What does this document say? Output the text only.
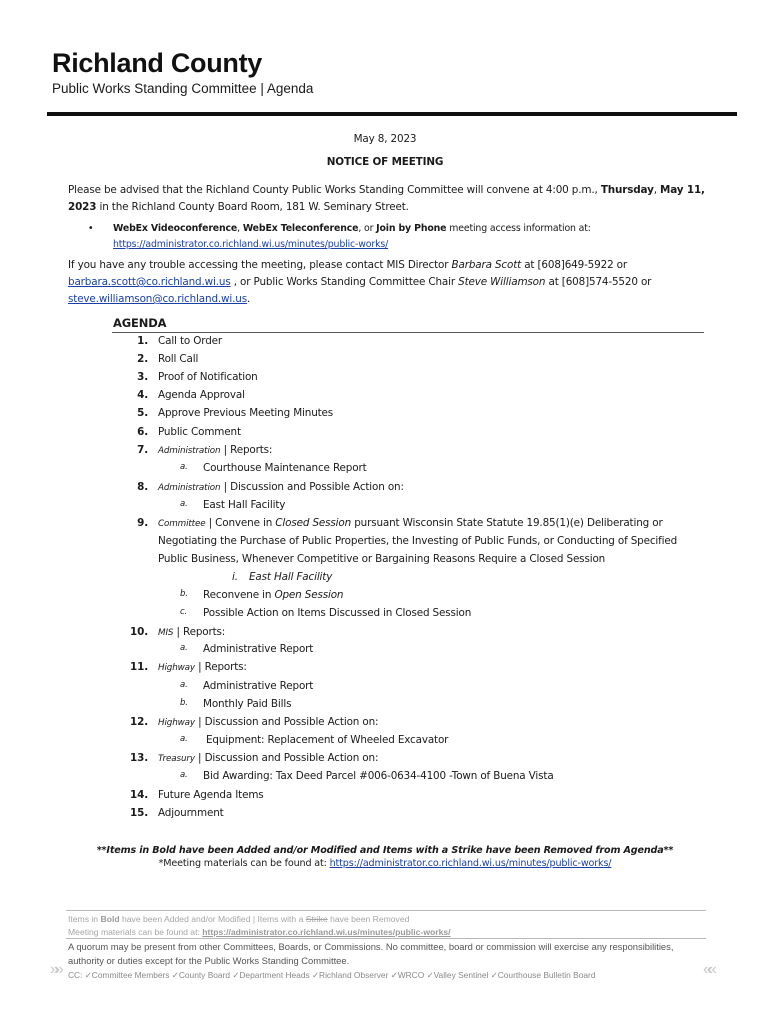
Richland County
Public Works Standing Committee | Agenda
May 8, 2023
NOTICE OF MEETING
Please be advised that the Richland County Public Works Standing Committee will convene at 4:00 p.m., Thursday, May 11, 2023 in the Richland County Board Room, 181 W. Seminary Street.
• WebEx Videoconference, WebEx Teleconference, or Join by Phone meeting access information at:
https://administrator.co.richland.wi.us/minutes/public-works/
If you have any trouble accessing the meeting, please contact MIS Director Barbara Scott at [608]649-5922 or
barbara.scott@co.richland.wi.us , or Public Works Standing Committee Chair Steve Williamson at [608]574-5520 or
steve.williamson@co.richland.wi.us.
AGENDA
1. Call to Order
2. Roll Call
3. Proof of Notification
4. Agenda Approval
5. Approve Previous Meeting Minutes
6. Public Comment
7. Administration | Reports:
a. Courthouse Maintenance Report
8. Administration | Discussion and Possible Action on:
a. East Hall Facility
9. Committee | Convene in Closed Session pursuant Wisconsin State Statute 19.85(1)(e) Deliberating or
Negotiating the Purchase of Public Properties, the Investing of Public Funds, or Conducting of Specified
Public Business, Whenever Competitive or Bargaining Reasons Require a Closed Session
i. East Hall Facility
b. Reconvene in Open Session
c. Possible Action on Items Discussed in Closed Session
10. MIS | Reports:
a. Administrative Report
11. Highway | Reports:
a. Administrative Report
b. Monthly Paid Bills
12. Highway | Discussion and Possible Action on:
a. Equipment: Replacement of Wheeled Excavator
13. Treasury | Discussion and Possible Action on:
a. Bid Awarding: Tax Deed Parcel #006-0634-4100 -Town of Buena Vista
14. Future Agenda Items
15. Adjournment
**Items in Bold have been Added and/or Modified and Items with a Strike have been Removed from Agenda**
*Meeting materials can be found at: https://administrator.co.richland.wi.us/minutes/public-works/
Items in Bold have been Added and/or Modified | Items with a Strike have been Removed
Meeting materials can be found at: https://administrator.co.richland.wi.us/minutes/public-works/
A quorum may be present from other Committees, Boards, or Commissions. No committee, board or commission will exercise any responsibilities, authority or duties except for the Public Works Standing Committee.
»» CC: ✓Committee Members ✓County Board ✓Department Heads ✓Richland Observer ✓WRCO ✓Valley Sentinel ✓Courthouse Bulletin Board	««
